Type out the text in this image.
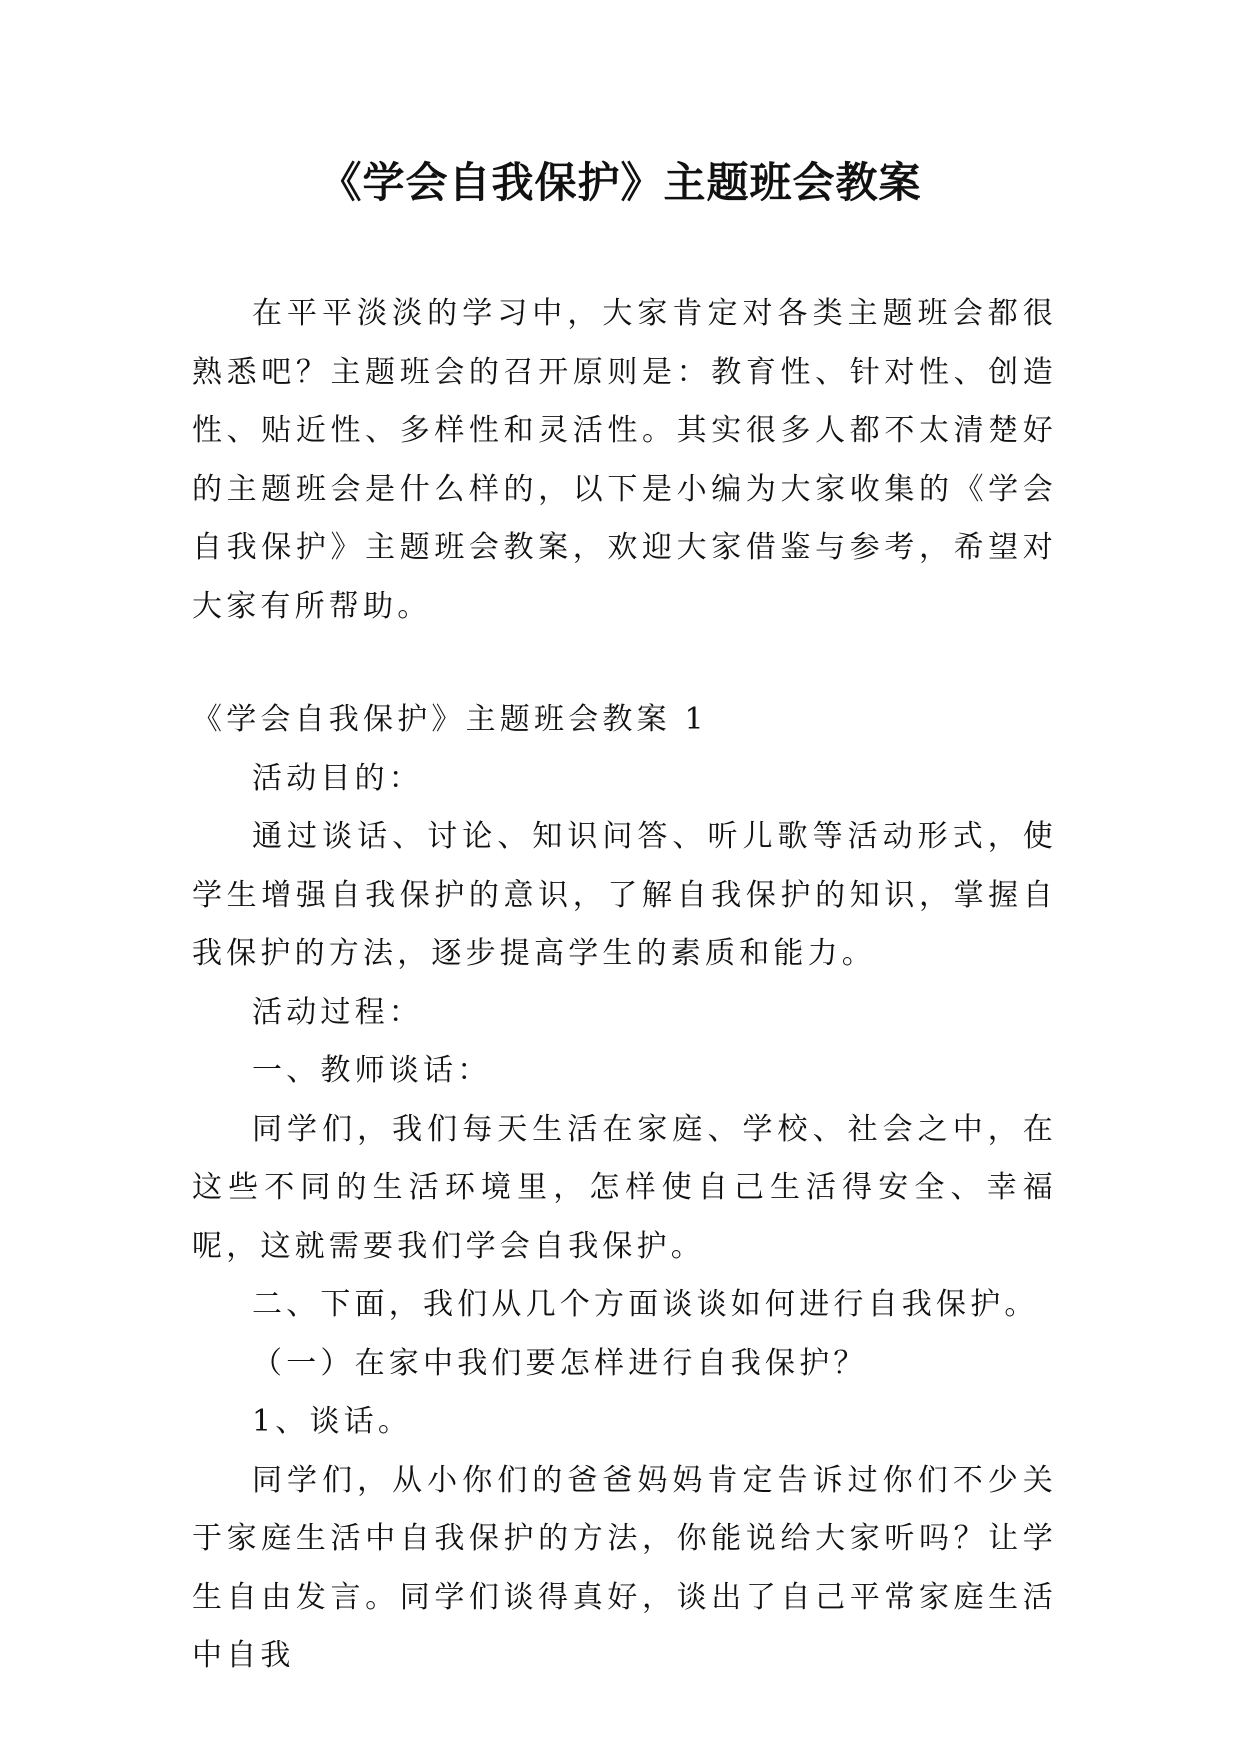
《学会自我保护》主题班会教案

在平平淡淡的学习中，大家肯定对各类主题班会都很熟悉吧？主题班会的召开原则是：教育性、针对性、创造性、贴近性、多样性和灵活性。其实很多人都不太清楚好的主题班会是什么样的，以下是小编为大家收集的《学会自我保护》主题班会教案，欢迎大家借鉴与参考，希望对大家有所帮助。

《学会自我保护》主题班会教案 1

活动目的：

通过谈话、讨论、知识问答、听儿歌等活动形式，使学生增强自我保护的意识，了解自我保护的知识，掌握自我保护的方法，逐步提高学生的素质和能力。

活动过程：

一、教师谈话：

同学们，我们每天生活在家庭、学校、社会之中，在这些不同的生活环境里，怎样使自己生活得安全、幸福呢，这就需要我们学会自我保护。

二、下面，我们从几个方面谈谈如何进行自我保护。

（一）在家中我们要怎样进行自我保护？

1、谈话。

同学们，从小你们的爸爸妈妈肯定告诉过你们不少关于家庭生活中自我保护的方法，你能说给大家听吗？让学生自由发言。同学们谈得真好，谈出了自己平常家庭生活中自我
